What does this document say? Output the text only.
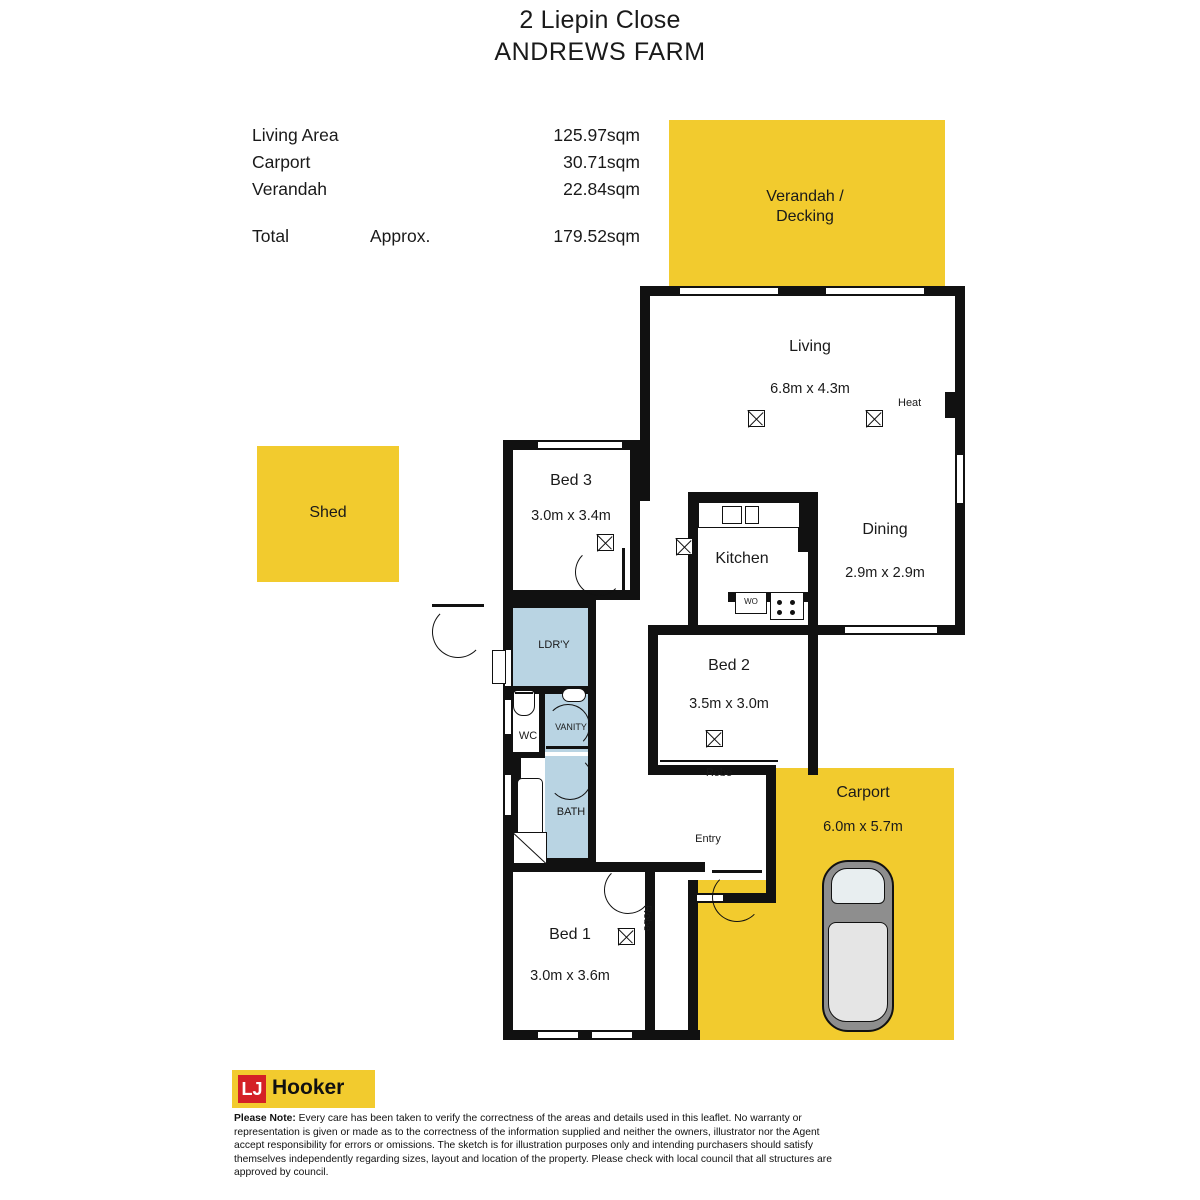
2 Liepin Close
ANDREWS FARM
Living Area	125.97sqm
Carport	30.71sqm
Verandah	22.84sqm
Total	Approx.	179.52sqm
Verandah /
Decking
Shed
Carport
6.0m x 5.7m
WO
Living
6.8m x 4.3m
Heat
Dining
2.9m x 2.9m
Kitchen
Bed 3
3.0m x 3.4m
Bed 2
3.5m x 3.0m
Bed 1
3.0m x 3.6m
LDR'Y
WC
VANITY
BATH
Robe
Robe
Entry
LJ Hooker
Please Note: Every care has been taken to verify the correctness of the areas and details used in this leaflet. No warranty or representation is given or made as to the correctness of the information supplied and neither the owners, illustrator nor the Agent accept responsibility for errors or omissions. The sketch is for illustration purposes only and intending purchasers should satisfy themselves independently regarding sizes, layout and location of the property. Please check with local council that all structures are approved by council.
